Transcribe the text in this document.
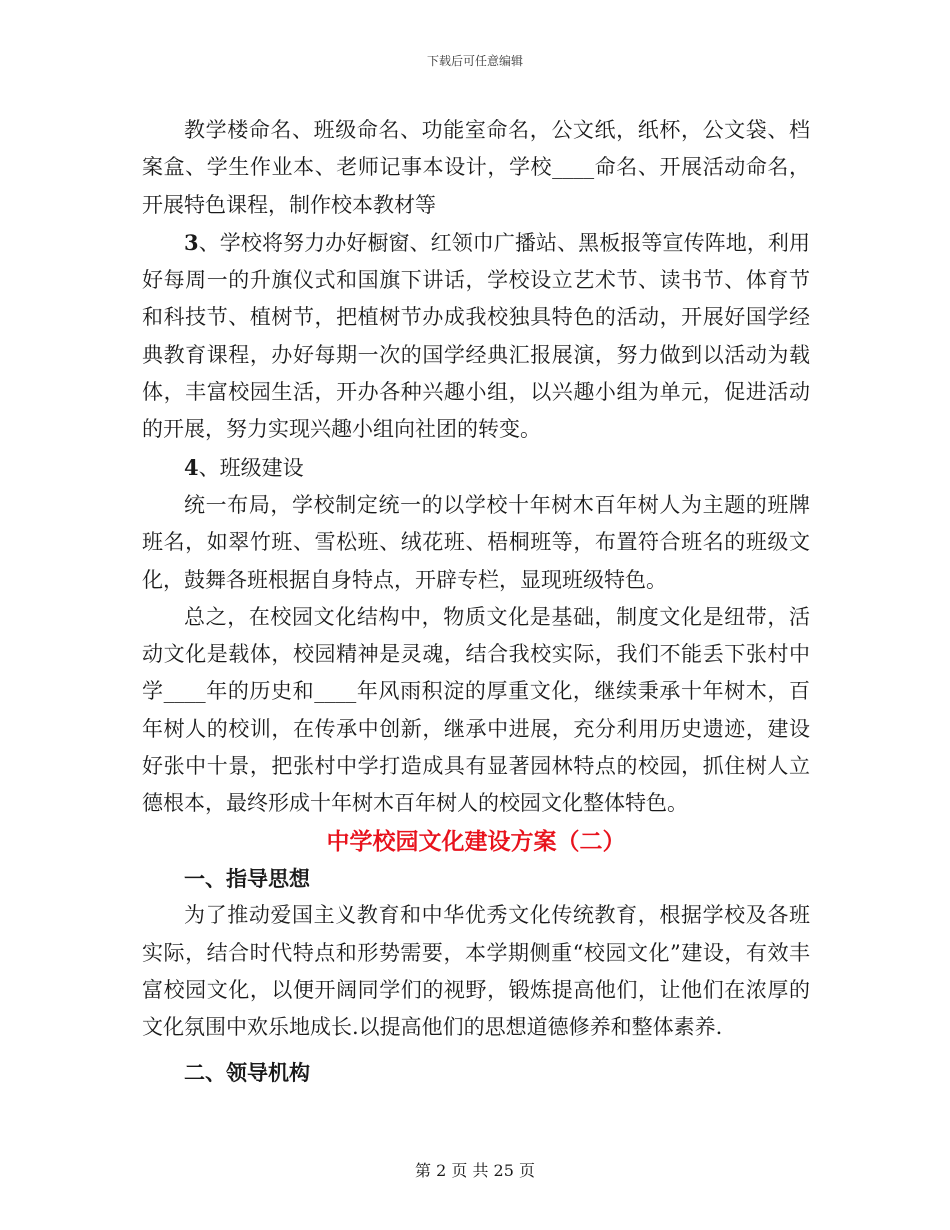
下载后可任意编辑

教学楼命名、班级命名、功能室命名，公文纸，纸杯，公文袋、档案盒、学生作业本、老师记事本设计，学校____命名、开展活动命名，开展特色课程，制作校本教材等

3、学校将努力办好橱窗、红领巾广播站、黑板报等宣传阵地，利用好每周一的升旗仪式和国旗下讲话，学校设立艺术节、读书节、体育节和科技节、植树节，把植树节办成我校独具特色的活动，开展好国学经典教育课程，办好每期一次的国学经典汇报展演，努力做到以活动为载体，丰富校园生活，开办各种兴趣小组，以兴趣小组为单元，促进活动的开展，努力实现兴趣小组向社团的转变。

4、班级建设

统一布局，学校制定统一的以学校十年树木百年树人为主题的班牌班名，如翠竹班、雪松班、绒花班、梧桐班等，布置符合班名的班级文化，鼓舞各班根据自身特点，开辟专栏，显现班级特色。

总之，在校园文化结构中，物质文化是基础，制度文化是纽带，活动文化是载体，校园精神是灵魂，结合我校实际，我们不能丢下张村中学____年的历史和____年风雨积淀的厚重文化，继续秉承十年树木，百年树人的校训，在传承中创新，继承中进展，充分利用历史遗迹，建设好张中十景，把张村中学打造成具有显著园林特点的校园，抓住树人立德根本，最终形成十年树木百年树人的校园文化整体特色。

中学校园文化建设方案（二）

一、指导思想

为了推动爱国主义教育和中华优秀文化传统教育，根据学校及各班实际，结合时代特点和形势需要，本学期侧重“校园文化”建设，有效丰富校园文化，以便开阔同学们的视野，锻炼提高他们，让他们在浓厚的文化氛围中欢乐地成长.以提高他们的思想道德修养和整体素养.

二、领导机构

第 2 页 共 25 页
